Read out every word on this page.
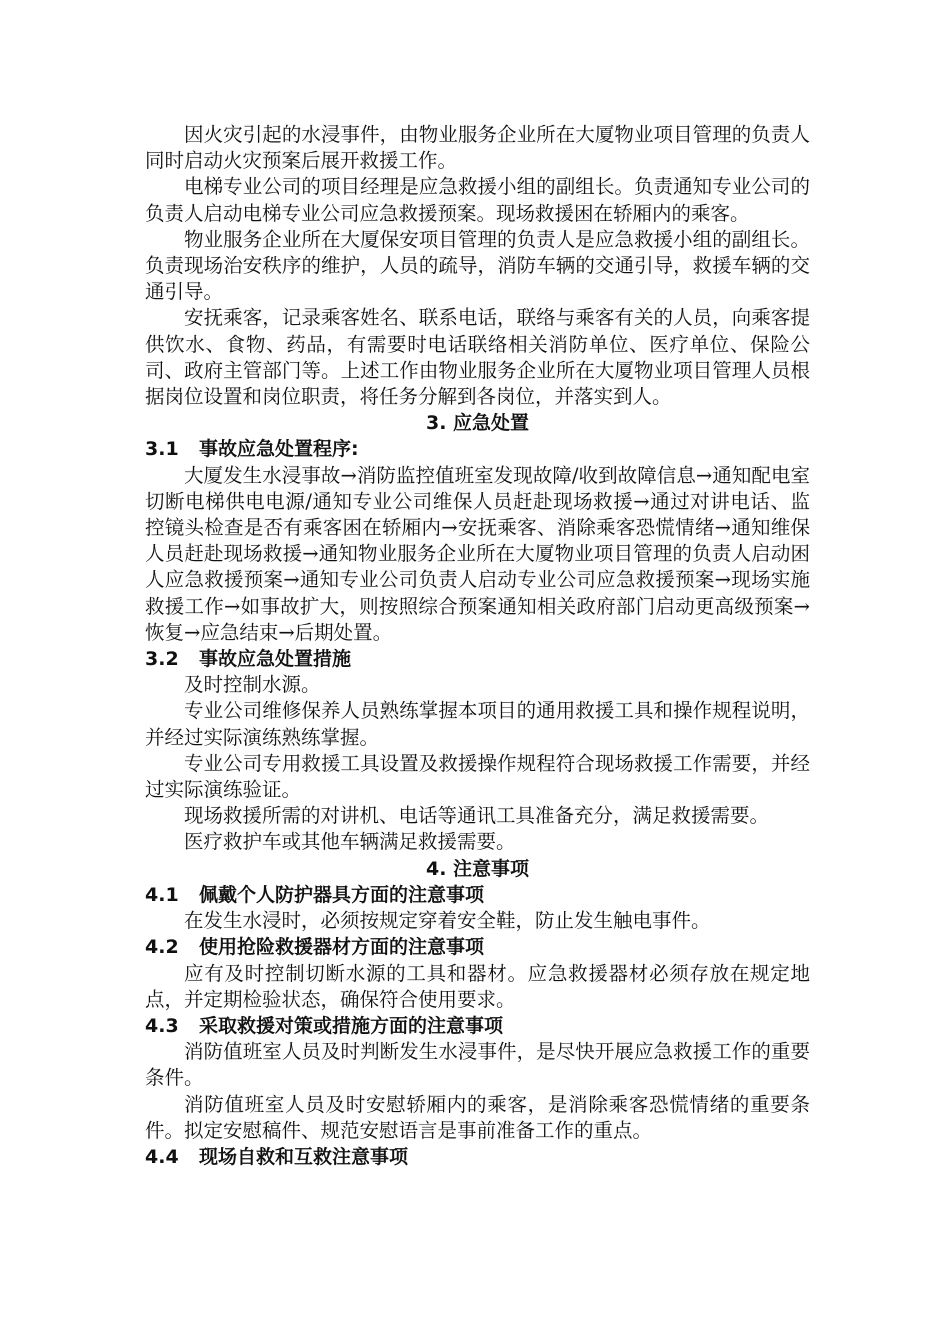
因火灾引起的水浸事件，由物业服务企业所在大厦物业项目管理的负责人同时启动火灾预案后展开救援工作。

电梯专业公司的项目经理是应急救援小组的副组长。负责通知专业公司的负责人启动电梯专业公司应急救援预案。现场救援困在轿厢内的乘客。

物业服务企业所在大厦保安项目管理的负责人是应急救援小组的副组长。负责现场治安秩序的维护，人员的疏导，消防车辆的交通引导，救援车辆的交通引导。

安抚乘客，记录乘客姓名、联系电话，联络与乘客有关的人员，向乘客提供饮水、食物、药品，有需要时电话联络相关消防单位、医疗单位、保险公司、政府主管部门等。上述工作由物业服务企业所在大厦物业项目管理人员根据岗位设置和岗位职责，将任务分解到各岗位，并落实到人。

3. 应急处置

3.1 事故应急处置程序:

大厦发生水浸事故→消防监控值班室发现故障/收到故障信息→通知配电室切断电梯供电电源/通知专业公司维保人员赶赴现场救援→通过对讲电话、监控镜头检查是否有乘客困在轿厢内→安抚乘客、消除乘客恐慌情绪→通知维保人员赶赴现场救援→通知物业服务企业所在大厦物业项目管理的负责人启动困人应急救援预案→通知专业公司负责人启动专业公司应急救援预案→现场实施救援工作→如事故扩大，则按照综合预案通知相关政府部门启动更高级预案→恢复→应急结束→后期处置。

3.2 事故应急处置措施

及时控制水源。

专业公司维修保养人员熟练掌握本项目的通用救援工具和操作规程说明，并经过实际演练熟练掌握。

专业公司专用救援工具设置及救援操作规程符合现场救援工作需要，并经过实际演练验证。

现场救援所需的对讲机、电话等通讯工具准备充分，满足救援需要。

医疗救护车或其他车辆满足救援需要。

4. 注意事项

4.1 佩戴个人防护器具方面的注意事项

在发生水浸时，必须按规定穿着安全鞋，防止发生触电事件。

4.2 使用抢险救援器材方面的注意事项

应有及时控制切断水源的工具和器材。应急救援器材必须存放在规定地点，并定期检验状态，确保符合使用要求。

4.3 采取救援对策或措施方面的注意事项

消防值班室人员及时判断发生水浸事件，是尽快开展应急救援工作的重要条件。

消防值班室人员及时安慰轿厢内的乘客，是消除乘客恐慌情绪的重要条件。拟定安慰稿件、规范安慰语言是事前准备工作的重点。

4.4 现场自救和互救注意事项
